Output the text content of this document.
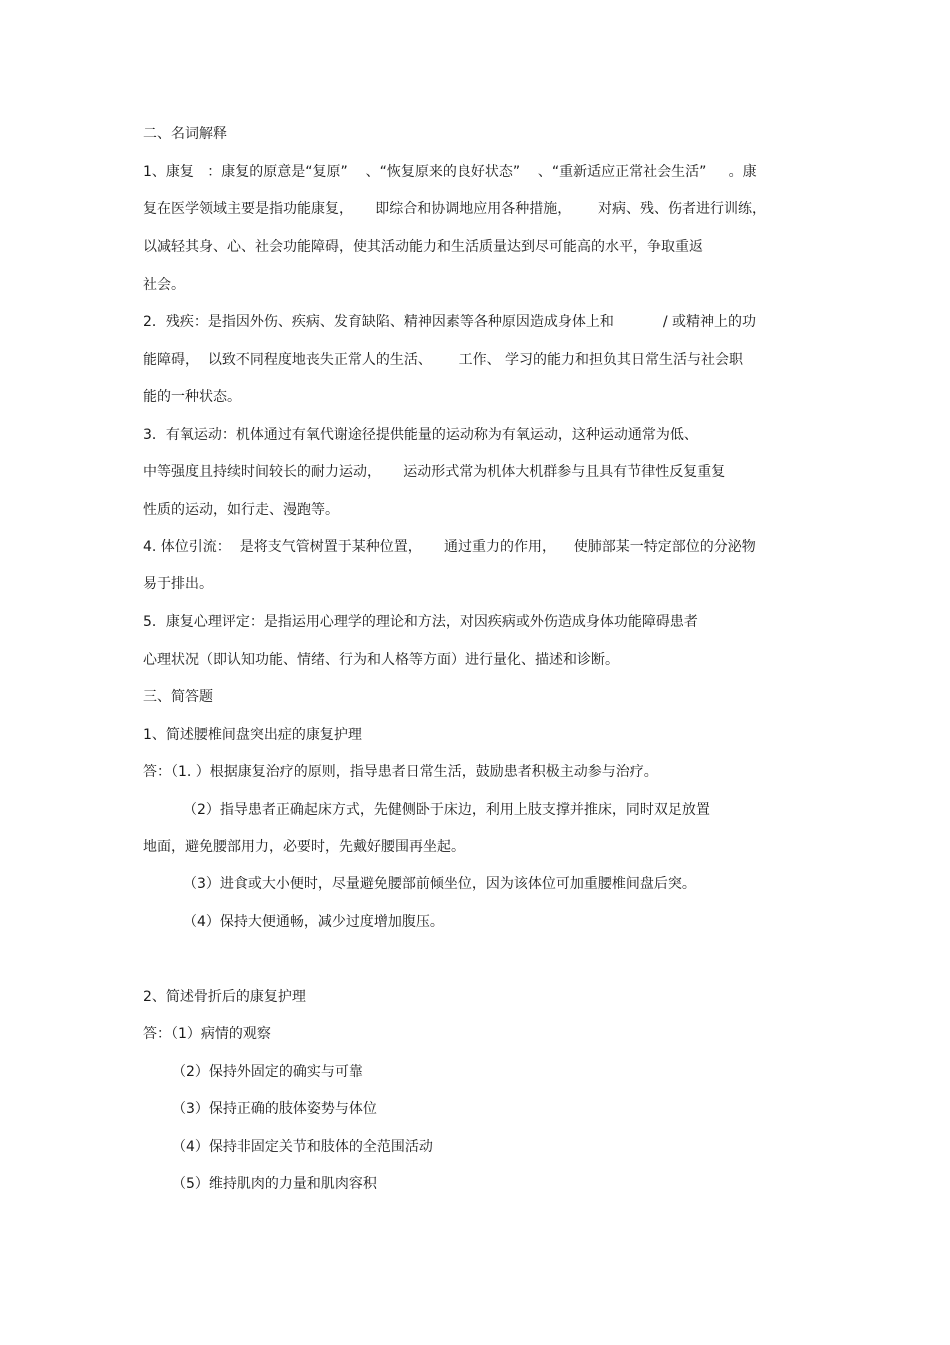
二、名词解释
1、康复   ：康复的原意是“复原”    、“恢复原来的良好状态”    、“重新适应正常社会生活”     。康
复在医学领域主要是指功能康复，     即综合和协调地应用各种措施，      对病、残、伤者进行训练，
以减轻其身、心、社会功能障碍，使其活动能力和生活质量达到尽可能高的水平，争取重返
社会。
2．残疾：是指因外伤、疾病、发育缺陷、精神因素等各种原因造成身体上和           / 或精神上的功
能障碍，  以致不同程度地丧失正常人的生活、      工作、 学习的能力和担负其日常生活与社会职
能的一种状态。
3．有氧运动：机体通过有氧代谢途径提供能量的运动称为有氧运动，这种运动通常为低、
中等强度且持续时间较长的耐力运动，     运动形式常为机体大机群参与且具有节律性反复重复
性质的运动，如行走、漫跑等。
4. 体位引流：  是将支气管树置于某种位置，     通过重力的作用，    使肺部某一特定部位的分泌物
易于排出。
5．康复心理评定：是指运用心理学的理论和方法，对因疾病或外伤造成身体功能障碍患者
心理状况（即认知功能、情绪、行为和人格等方面）进行量化、描述和诊断。
三、简答题
1、简述腰椎间盘突出症的康复护理
答：（1. ）根据康复治疗的原则，指导患者日常生活，鼓励患者积极主动参与治疗。
（2）指导患者正确起床方式，先健侧卧于床边，利用上肢支撑并推床，同时双足放置
地面，避免腰部用力，必要时，先戴好腰围再坐起。
（3）进食或大小便时，尽量避免腰部前倾坐位，因为该体位可加重腰椎间盘后突。
（4）保持大便通畅，减少过度增加腹压。
2、简述骨折后的康复护理
答：（1）病情的观察
（2）保持外固定的确实与可靠
（3）保持正确的肢体姿势与体位
（4）保持非固定关节和肢体的全范围活动
（5）维持肌肉的力量和肌肉容积
